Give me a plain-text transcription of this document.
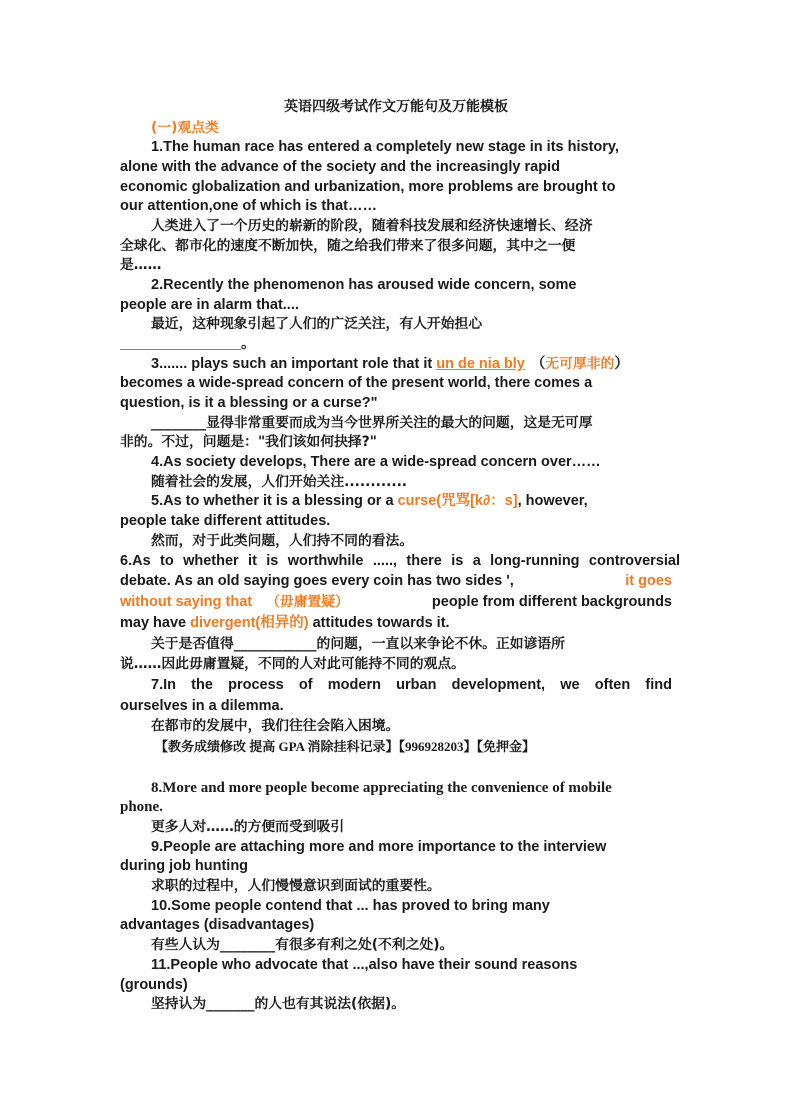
英语四级考试作文万能句及万能模板
(一)观点类
1.The human race has entered a completely new stage in its history,
alone with the advance of the society and the increasingly rapid
economic globalization and urbanization, more problems are brought to
our attention,one of which is that……
人类进入了一个历史的崭新的阶段，随着科技发展和经济快速增长、经济
全球化、都市化的速度不断加快，随之给我们带来了很多问题，其中之一便
是……
2.Recently the phenomenon has aroused wide concern, some
people are in alarm that....
最近，这种现象引起了人们的广泛关注，有人开始担心
_______________。
3....... plays such an important role that it un de nia bly （无可厚非的）
becomes a wide-spread concern of the present world, there comes a
question, is it a blessing or a curse?"
________显得非常重要而成为当今世界所关注的最大的问题，这是无可厚
非的。不过，问题是："我们该如何抉择?"
4.As society develops, There are a wide-spread concern over……
随着社会的发展，人们开始关注............
5.As to whether it is a blessing or a curse(咒骂[k∂：s], however,
people take different attitudes.
然而，对于此类问题，人们持不同的看法。
6.As to whether it is worthwhile ....., there is a long-running controversial
debate. As an old saying goes every coin has two sides ',	it goes
without saying that （毋庸置疑）	people from different backgrounds
may have divergent(相异的) attitudes towards it.
关于是否值得____________的问题，一直以来争论不休。正如谚语所
说……因此毋庸置疑，不同的人对此可能持不同的观点。
7.In the process of modern urban development, we often find
ourselves in a dilemma.
在都市的发展中，我们往往会陷入困境。
【教务成绩修改 提高 GPA 消除挂科记录】【996928203】【免押金】
8.More and more people become appreciating the convenience of mobile
phone.
更多人对……的方便而受到吸引
9.People are attaching more and more importance to the interview
during job hunting
求职的过程中，人们慢慢意识到面试的重要性。
10.Some people contend that ... has proved to bring many
advantages (disadvantages)
有些人认为________有很多有利之处(不利之处)。
11.People who advocate that ...,also have their sound reasons
(grounds)
坚持认为_______的人也有其说法(依据)。
